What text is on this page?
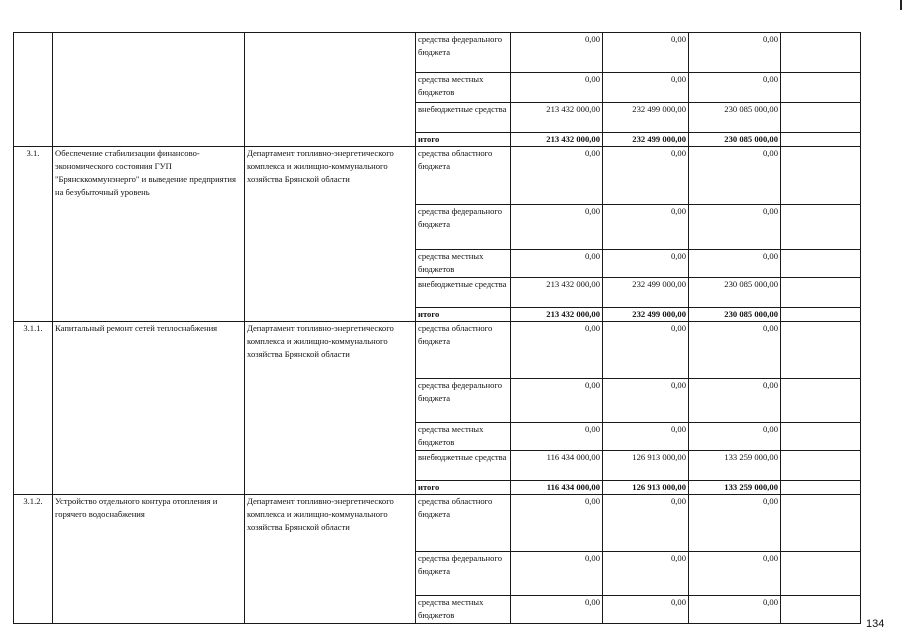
			средства федерального бюджета	0,00	0,00	0,00	
			средства местных бюджетов	0,00	0,00	0,00	
			внебюджетные средства	213 432 000,00	232 499 000,00	230 085 000,00	
			итого	213 432 000,00	232 499 000,00	230 085 000,00	
3.1.	Обеспечение стабилизации финансово-экономического состояния ГУП "Брянсккоммунэнерго" и выведение предприятия на безубыточный уровень	Департамент топливно-энергетического комплекса и жилищно-коммунального хозяйства Брянской области	средства областного бюджета	0,00	0,00	0,00	
			средства федерального бюджета	0,00	0,00	0,00	
			средства местных бюджетов	0,00	0,00	0,00	
			внебюджетные средства	213 432 000,00	232 499 000,00	230 085 000,00	
			итого	213 432 000,00	232 499 000,00	230 085 000,00	
3.1.1.	Капитальный ремонт сетей теплоснабжения	Департамент топливно-энергетического комплекса и жилищно-коммунального хозяйства Брянской области	средства областного бюджета	0,00	0,00	0,00	
			средства федерального бюджета	0,00	0,00	0,00	
			средства местных бюджетов	0,00	0,00	0,00	
			внебюджетные средства	116 434 000,00	126 913 000,00	133 259 000,00	
			итого	116 434 000,00	126 913 000,00	133 259 000,00	
3.1.2.	Устройство отдельного контура отопления и горячего водоснабжения	Департамент топливно-энергетического комплекса и жилищно-коммунального хозяйства Брянской области	средства областного бюджета	0,00	0,00	0,00	
			средства федерального бюджета	0,00	0,00	0,00	
			средства местных бюджетов	0,00	0,00	0,00	
134
